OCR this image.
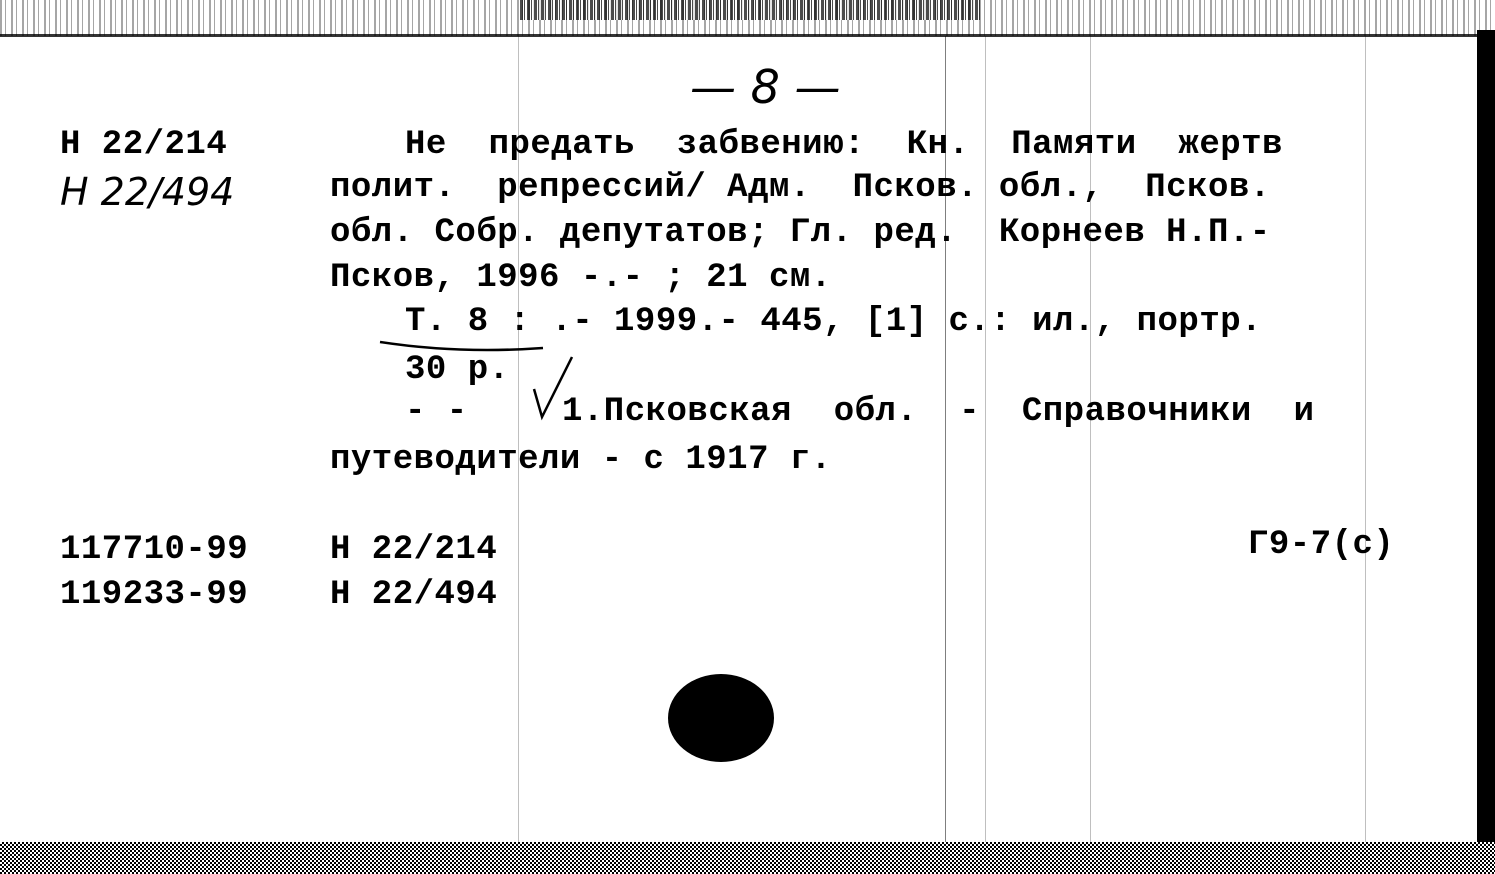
— 8 —
Н 22/214
Н 22/494
Не  предать  забвению:  Кн.  Памяти  жертв
полит.  репрессий/ Адм.  Псков. обл.,  Псков.
обл. Собр. депутатов; Гл. ред.  Корнеев Н.П.-
Псков, 1996 -.- ; 21 см.
Т. 8 : .- 1999.- 445, [1] с.: ил., портр.
30 р.
- -	1.Псковская  обл.  -  Справочники  и
путеводители - с 1917 г.
117710-99
119233-99
Н 22/214
Н 22/494
Г9-7(с)
